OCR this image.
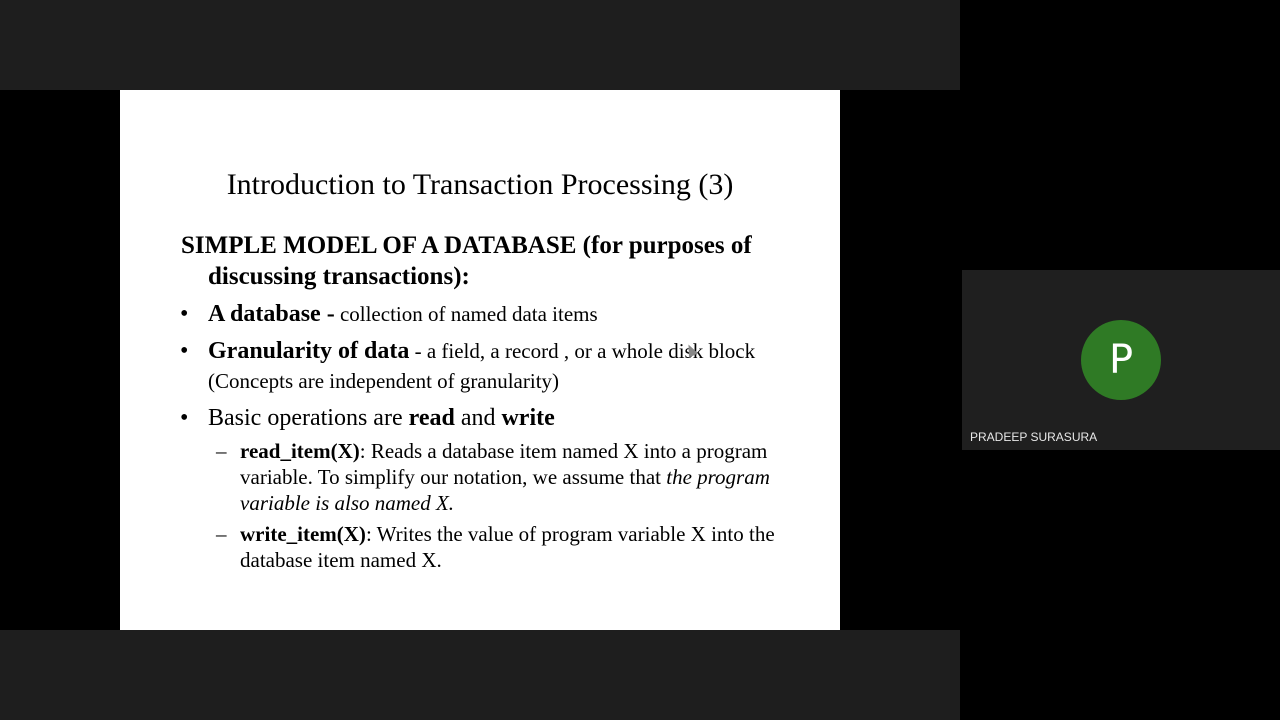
Introduction to Transaction Processing (3)
SIMPLE MODEL OF A DATABASE (for purposes of discussing transactions):
• A database - collection of named data items
• Granularity of data - a field, a record , or a whole disk block (Concepts are independent of granularity)
• Basic operations are read and write
– read_item(X): Reads a database item named X into a program variable. To simplify our notation, we assume that the program variable is also named X.
– write_item(X): Writes the value of program variable X into the database item named X.
P
PRADEEP SURASURA
